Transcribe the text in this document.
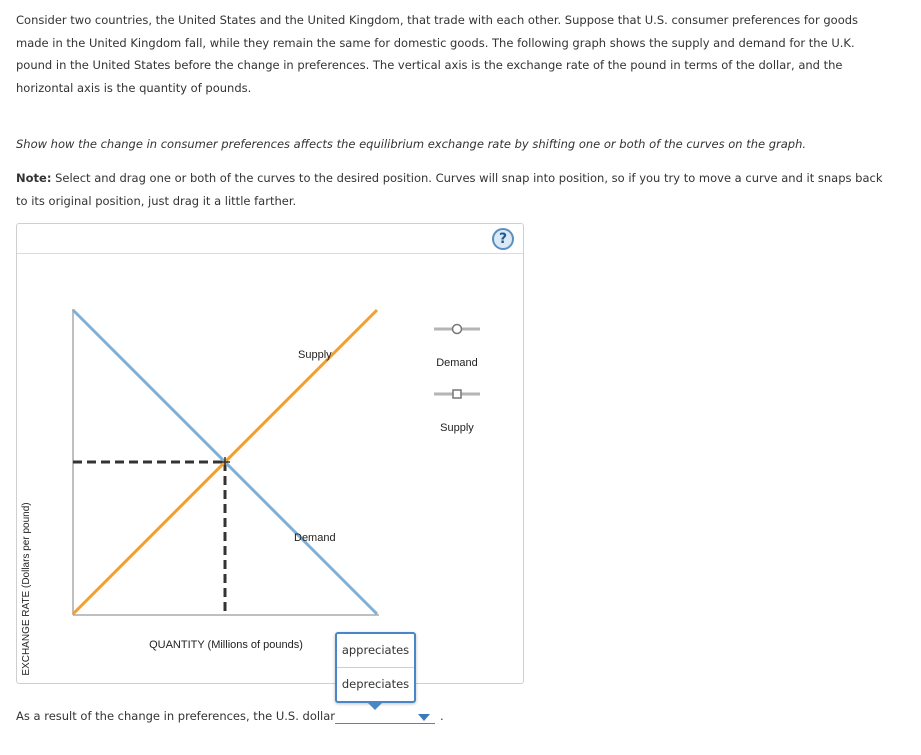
Consider two countries, the United States and the United Kingdom, that trade with each other. Suppose that U.S. consumer preferences for goods made in the United Kingdom fall, while they remain the same for domestic goods. The following graph shows the supply and demand for the U.K. pound in the United States before the change in preferences. The vertical axis is the exchange rate of the pound in terms of the dollar, and the horizontal axis is the quantity of pounds.

Show how the change in consumer preferences affects the equilibrium exchange rate by shifting one or both of the curves on the graph.

Note: Select and drag one or both of the curves to the desired position. Curves will snap into position, so if you try to move a curve and it snaps back to its original position, just drag it a little farther.

?
EXCHANGE RATE (Dollars per pound)	QUANTITY (Millions of pounds)
Supply
Demand
Demand
Supply
As a result of the change in preferences, the U.S. dollar	.
appreciates
depreciates
